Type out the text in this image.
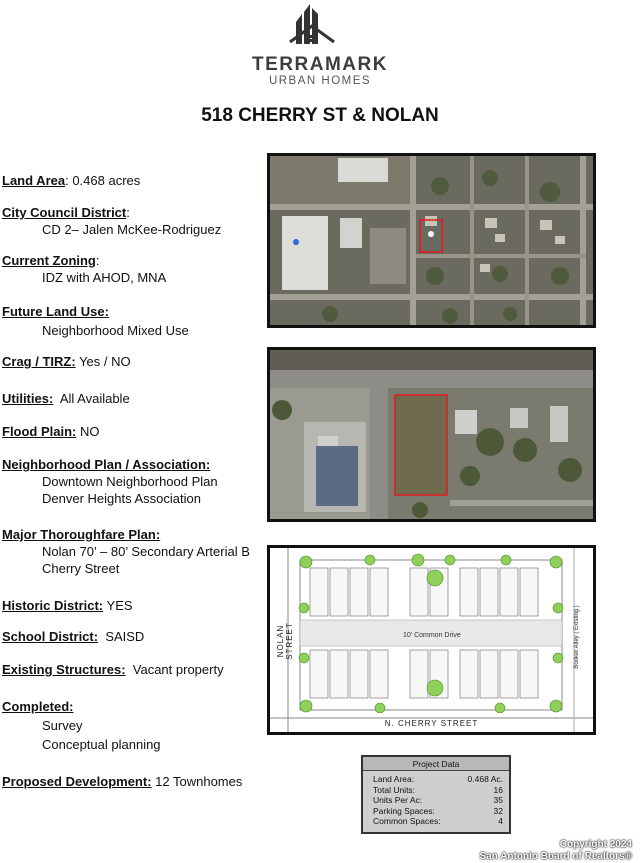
TERRAMARK
URBAN HOMES
518 CHERRY ST & NOLAN
Land Area: 0.468 acres
City Council District:
CD 2– Jalen McKee-Rodriguez
Current Zoning:
IDZ with AHOD, MNA
Future Land Use:
Neighborhood Mixed Use
Crag / TIRZ: Yes / NO
Utilities: All Available
Flood Plain: NO
Neighborhood Plan / Association:
Downtown Neighborhood Plan
Denver Heights Association
Major Thoroughfare Plan:
Nolan 70’ – 80’ Secondary Arterial B
Cherry Street
Historic District: YES
School District: SAISD
Existing Structures: Vacant property
Completed:
Survey
Conceptual planning
Proposed Development: 12 Townhomes
10' Common Drive
NOLAN STREET
N. CHERRY STREET
Booker Alley ( Existing )
Project Data
Land Area:	0.468 Ac.
Total Units:	16
Units Per Ac:	35
Parking Spaces:	32
Common Spaces:	4
Copyright 2024
San Antonio Board of Realtors®
